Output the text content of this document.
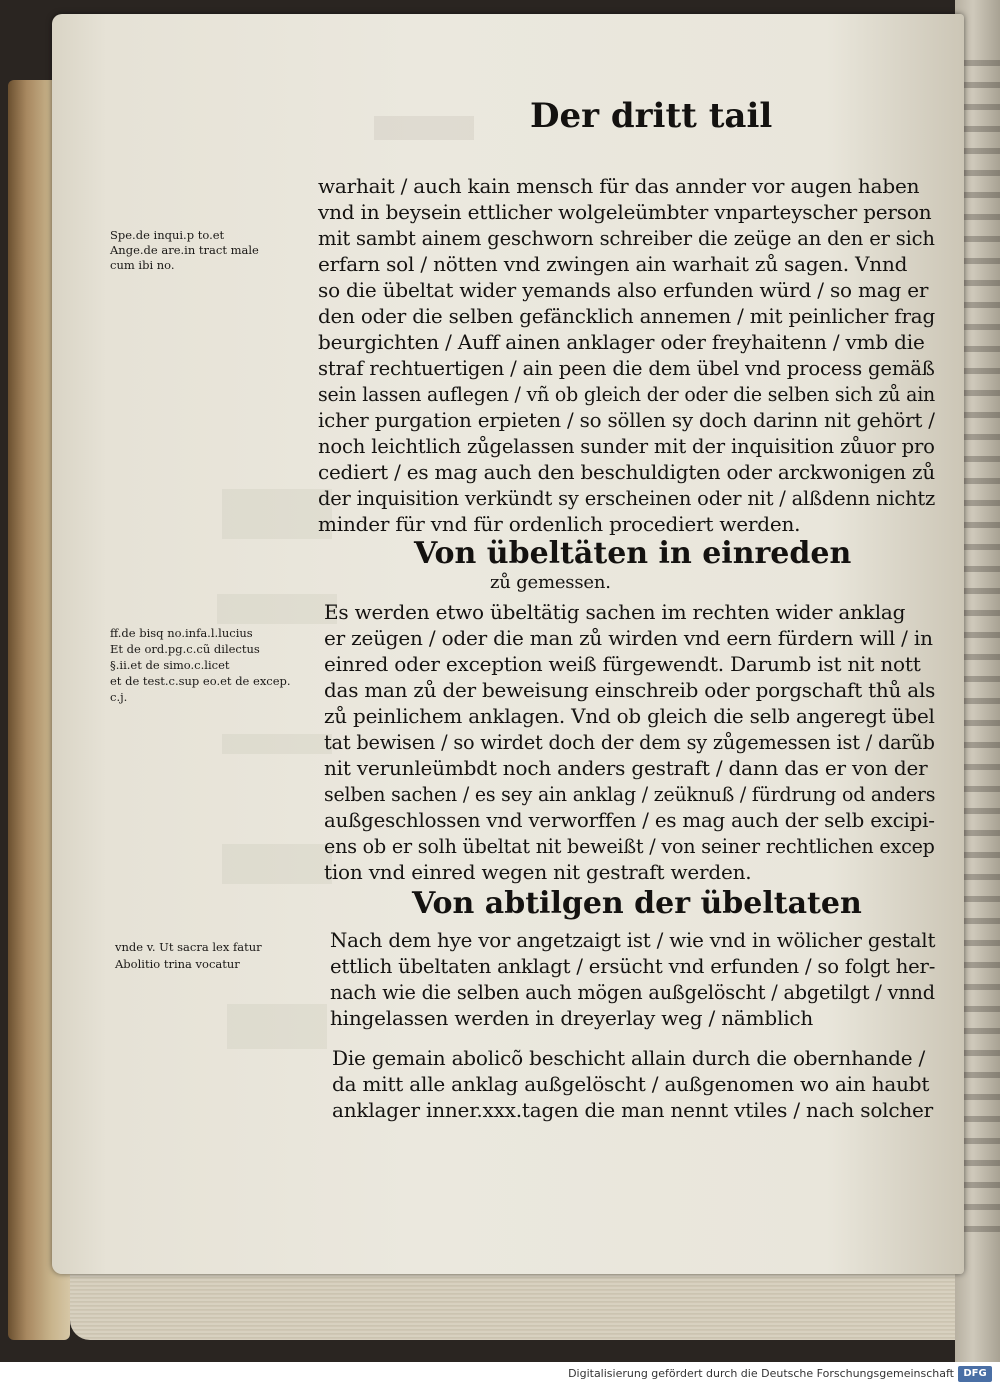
Der dritt tail
Spe.de inqui.p to.et
Ange.de are.in tract male
cum ibi no.
ff.de bisq no.infa.l.lucius
Et de ord.pg.c.cũ dilectus
§.ii.et de simo.c.licet
et de test.c.sup eo.et de excep.
c.j.
vnde v. Ut sacra lex fatur
Abolitio trina vocatur
warhait / auch kain mensch für das annder vor augen haben
vnd in beysein ettlicher wolgeleümbter vnparteyscher person
mit sambt ainem geschworn schreiber die zeüge an den er sich
erfarn sol / nötten vnd zwingen ain warhait zů sagen. Vnnd
so die übeltat wider yemands also erfunden würd / so mag er
den oder die selben gefäncklich annemen / mit peinlicher frag
beurgichten / Auff ainen anklager oder freyhaitenn / vmb die
straf rechtuertigen / ain peen die dem übel vnd process gemäß
sein lassen auflegen / vñ ob gleich der oder die selben sich zů ain
icher purgation erpieten / so söllen sy doch darinn nit gehört /
noch leichtlich zůgelassen sunder mit der inquisition zůuor pro
cediert / es mag auch den beschuldigten oder arckwonigen zů
der inquisition verkündt sy erscheinen oder nit / alßdenn nichtz
minder für vnd für ordenlich procediert werden.
Von übeltäten in einreden
zů gemessen.
Es werden etwo übeltätig sachen im rechten wider anklag
er zeügen / oder die man zů wirden vnd eern fürdern will / in
einred oder exception weiß fürgewendt. Darumb ist nit nott
das man zů der beweisung einschreib oder porgschaft thů als
zů peinlichem anklagen. Vnd ob gleich die selb angeregt übel
tat bewisen / so wirdet doch der dem sy zůgemessen ist / darũb
nit verunleümbdt noch anders gestraft / dann das er von der
selben sachen / es sey ain anklag / zeüknuß / fürdrung od anders
außgeschlossen vnd verworffen / es mag auch der selb excipi-
ens ob er solh übeltat nit beweißt / von seiner rechtlichen excep
tion vnd einred wegen nit gestraft werden.
Von abtilgen der übeltaten
Nach dem hye vor angetzaigt ist / wie vnd in wölicher gestalt
ettlich übeltaten anklagt / ersücht vnd erfunden / so folgt her-
nach wie die selben auch mögen außgelöscht / abgetilgt / vnnd
hingelassen werden in dreyerlay weg / nämblich
Die gemain abolicõ beschicht allain durch die obernhande /
da mitt alle anklag außgelöscht / außgenomen wo ain haubt
anklager inner.xxx.tagen die man nennt vtiles / nach solcher
Digitalisierung gefördert durch die Deutsche Forschungsgemeinschaft DFG
